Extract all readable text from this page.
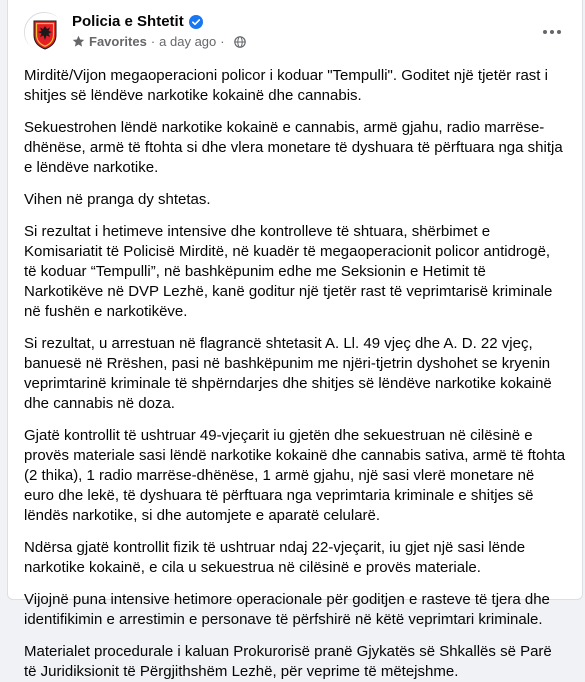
Policia e Shtetit
Favorites · a day ago ·

Mirditë/Vijon megaoperacioni policor i koduar "Tempulli". Goditet një tjetër rast i shitjes së lëndëve narkotike kokainë dhe cannabis.

Sekuestrohen lëndë narkotike kokainë e cannabis, armë gjahu, radio marrëse-dhënëse, armë të ftohta si dhe vlera monetare të dyshuara të përftuara nga shitja e lëndëve narkotike.

Vihen në pranga dy shtetas.

Si rezultat i hetimeve intensive dhe kontrolleve të shtuara, shërbimet e Komisariatit të Policisë Mirditë, në kuadër të megaoperacionit policor antidrogë, të koduar “Tempulli”, në bashkëpunim edhe me Seksionin e Hetimit të Narkotikëve në DVP Lezhë, kanë goditur një tjetër rast të veprimtarisë kriminale në fushën e narkotikëve.

Si rezultat, u arrestuan në flagrancë shtetasit A. Ll. 49 vjeç dhe A. D. 22 vjeç, banuesë në Rrëshen, pasi në bashkëpunim me njëri-tjetrin dyshohet se kryenin veprimtarinë kriminale të shpërndarjes dhe shitjes së lëndëve narkotike kokainë dhe cannabis në doza.

Gjatë kontrollit të ushtruar 49-vjeçarit iu gjetën dhe sekuestruan në cilësinë e provës materiale sasi lëndë narkotike kokainë dhe cannabis sativa, armë të ftohta (2 thika), 1 radio marrëse-dhënëse, 1 armë gjahu, një sasi vlerë monetare në euro dhe lekë, të dyshuara të përftuara nga veprimtaria kriminale e shitjes së lëndës narkotike, si dhe automjete e aparatë celularë.

Ndërsa gjatë kontrollit fizik të ushtruar ndaj 22-vjeçarit, iu gjet një sasi lënde narkotike kokainë, e cila u sekuestrua në cilësinë e provës materiale.

Vijojnë puna intensive hetimore operacionale për goditjen e rasteve të tjera dhe identifikimin e arrestimin e personave të përfshirë në këtë veprimtari kriminale.

Materialet procedurale i kaluan Prokurorisë pranë Gjykatës së Shkallës së Parë të Juridiksionit të Përgjithshëm Lezhë, për veprime të mëtejshme.
